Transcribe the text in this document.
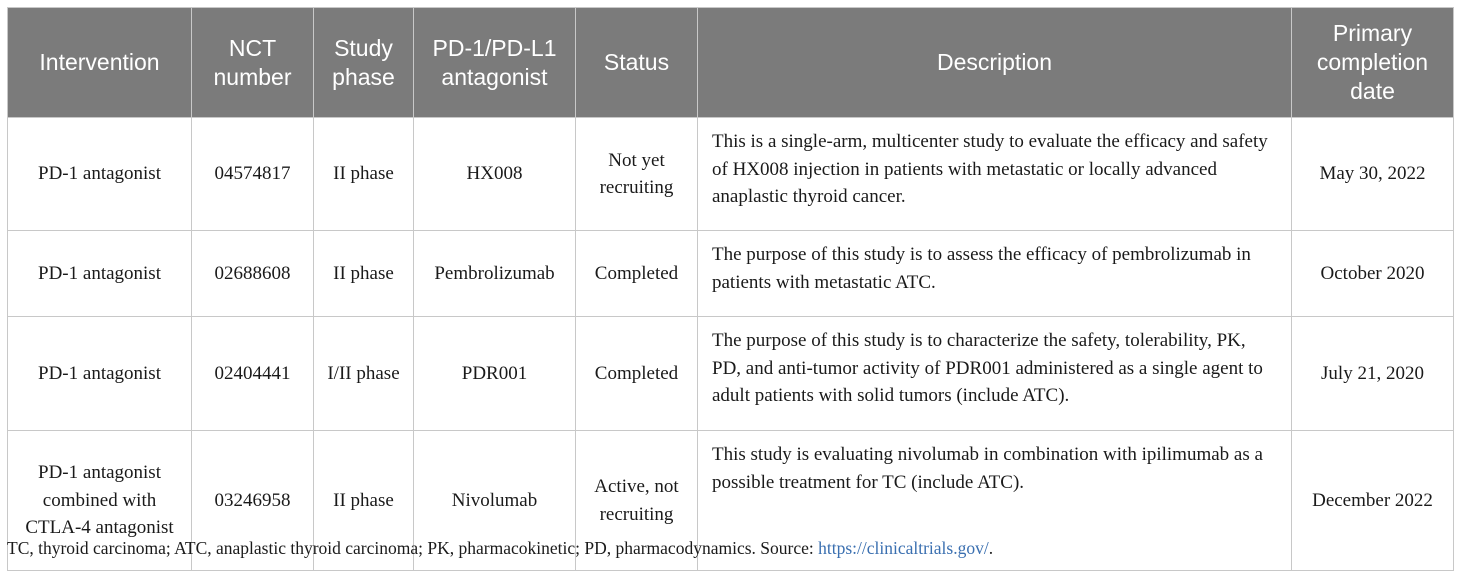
Intervention	NCT number	Study phase	PD-1/PD-L1 antagonist	Status	Description	Primary completion date
PD-1 antagonist	04574817	II phase	HX008	Not yet recruiting	This is a single-arm, multicenter study to evaluate the efficacy and safety of HX008 injection in patients with metastatic or locally advanced anaplastic thyroid cancer.	May 30, 2022
PD-1 antagonist	02688608	II phase	Pembrolizumab	Completed	The purpose of this study is to assess the efficacy of pembrolizumab in patients with metastatic ATC.	October 2020
PD-1 antagonist	02404441	I/II phase	PDR001	Completed	The purpose of this study is to characterize the safety, tolerability, PK, PD, and anti-tumor activity of PDR001 administered as a single agent to adult patients with solid tumors (include ATC).	July 21, 2020
PD-1 antagonist combined with CTLA-4 antagonist	03246958	II phase	Nivolumab	Active, not recruiting	This study is evaluating nivolumab in combination with ipilimumab as a possible treatment for TC (include ATC).	December 2022
TC, thyroid carcinoma; ATC, anaplastic thyroid carcinoma; PK, pharmacokinetic; PD, pharmacodynamics. Source: https://clinicaltrials.gov/.
